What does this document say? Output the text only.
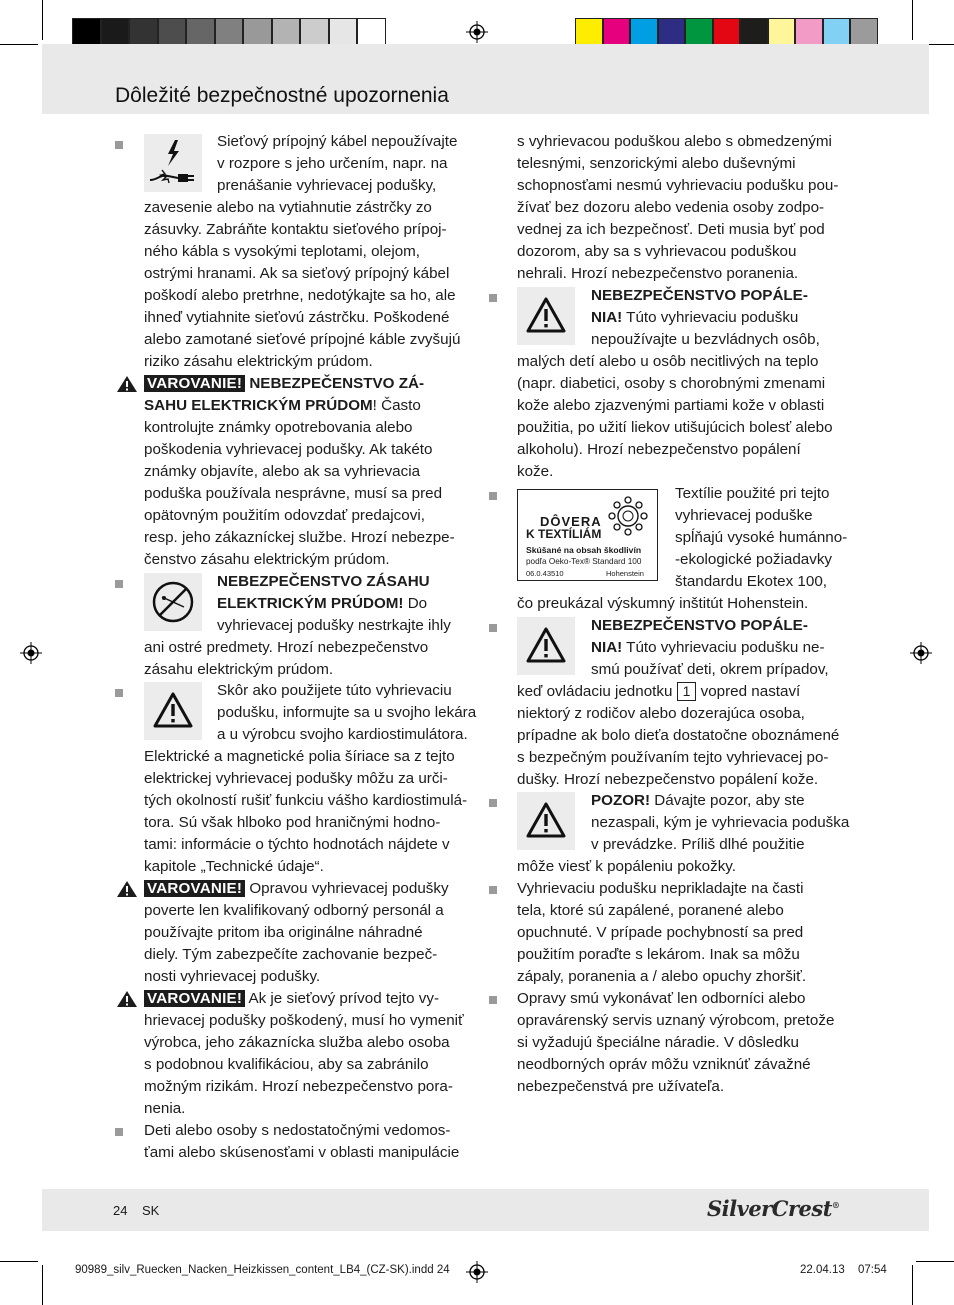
Dôležité bezpečnostné upozornenia
Sieťový prípojný kábel nepoužívajte
v rozpore s jeho určením, napr. na
prenášanie vyhrievacej podušky,
zavesenie alebo na vytiahnutie zástrčky zo
zásuvky. Zabráňte kontaktu sieťového prípoj-
ného kábla s vysokými teplotami, olejom,
ostrými hranami. Ak sa sieťový prípojný kábel
poškodí alebo pretrhne, nedotýkajte sa ho, ale
ihneď vytiahnite sieťovú zástrčku. Poškodené
alebo zamotané sieťové prípojné káble zvyšujú
riziko zásahu elektrickým prúdom.
VAROVANIE! NEBEZPEČENSTVO ZÁ-
SAHU ELEKTRICKÝM PRÚDOM! Často
kontrolujte známky opotrebovania alebo
poškodenia vyhrievacej podušky. Ak takéto
známky objavíte, alebo ak sa vyhrievacia
poduška používala nesprávne, musí sa pred
opätovným použitím odovzdať predajcovi,
resp. jeho zákazníckej službe. Hrozí nebezpe-
čenstvo zásahu elektrickým prúdom.
NEBEZPEČENSTVO ZÁSAHU
ELEKTRICKÝM PRÚDOM! Do
vyhrievacej podušky nestrkajte ihly
ani ostré predmety. Hrozí nebezpečenstvo
zásahu elektrickým prúdom.
Skôr ako použijete túto vyhrievaciu
podušku, informujte sa u svojho lekára
a u výrobcu svojho kardiostimulátora.
Elektrické a magnetické polia šíriace sa z tejto
elektrickej vyhrievacej podušky môžu za urči-
tých okolností rušiť funkciu vášho kardiostimulá-
tora. Sú však hlboko pod hraničnými hodno-
tami: informácie o týchto hodnotách nájdete v
kapitole „Technické údaje“.
VAROVANIE! Opravou vyhrievacej podušky
poverte len kvalifikovaný odborný personál a
používajte pritom iba originálne náhradné
diely. Tým zabezpečíte zachovanie bezpeč-
nosti vyhrievacej podušky.
VAROVANIE! Ak je sieťový prívod tejto vy-
hrievacej podušky poškodený, musí ho vymeniť
výrobca, jeho zákaznícka služba alebo osoba
s podobnou kvalifikáciou, aby sa zabránilo
možným rizikám. Hrozí nebezpečenstvo pora-
nenia.
Deti alebo osoby s nedostatočnými vedomos-
ťami alebo skúsenosťami v oblasti manipulácie
s vyhrievacou poduškou alebo s obmedzenými
telesnými, senzorickými alebo duševnými
schopnosťami nesmú vyhrievaciu podušku pou-
žívať bez dozoru alebo vedenia osoby zodpo-
vednej za ich bezpečnosť. Deti musia byť pod
dozorom, aby sa s vyhrievacou poduškou
nehrali. Hrozí nebezpečenstvo poranenia.
NEBEZPEČENSTVO POPÁLE-
NIA! Túto vyhrievaciu podušku
nepoužívajte u bezvládnych osôb,
malých detí alebo u osôb necitlivých na teplo
(napr. diabetici, osoby s chorobnými zmenami
kože alebo zjazvenými partiami kože v oblasti
použitia, po užití liekov utišujúcich bolesť alebo
alkoholu). Hrozí nebezpečenstvo popálení
kože.
DÔVERA
K TEXTÍLIÁM
Skúšané na obsah škodlivín
podľa Oeko-Tex® Standard 100
06.0.43510	Hohenstein
Textílie použité pri tejto
vyhrievacej poduške
spĺňajú vysoké humánno-
-ekologické požiadavky
štandardu Ekotex 100,
čo preukázal výskumný inštitút Hohenstein.
NEBEZPEČENSTVO POPÁLE-
NIA! Túto vyhrievaciu podušku ne-
smú používať deti, okrem prípadov,
keď ovládaciu jednotku 1 vopred nastaví
niektorý z rodičov alebo dozerajúca osoba,
prípadne ak bolo dieťa dostatočne oboznámené
s bezpečným používaním tejto vyhrievacej po-
dušky. Hrozí nebezpečenstvo popálení kože.
POZOR! Dávajte pozor, aby ste
nezaspali, kým je vyhrievacia poduška
v prevádzke. Príliš dlhé použitie
môže viesť k popáleniu pokožky.
Vyhrievaciu podušku neprikladajte na časti
tela, ktoré sú zapálené, poranené alebo
opuchnuté. V prípade pochybností sa pred
použitím poraďte s lekárom. Inak sa môžu
zápaly, poranenia a / alebo opuchy zhoršiť.
Opravy smú vykonávať len odborníci alebo
opravárenský servis uznaný výrobcom, pretože
si vyžadujú špeciálne náradie. V dôsledku
neodborných opráv môžu vzniknúť závažné
nebezpečenstvá pre užívateľa.
24 SK	SilverCrest®
90989_silv_Ruecken_Nacken_Heizkissen_content_LB4_(CZ-SK).indd 24	22.04.13 07:54
